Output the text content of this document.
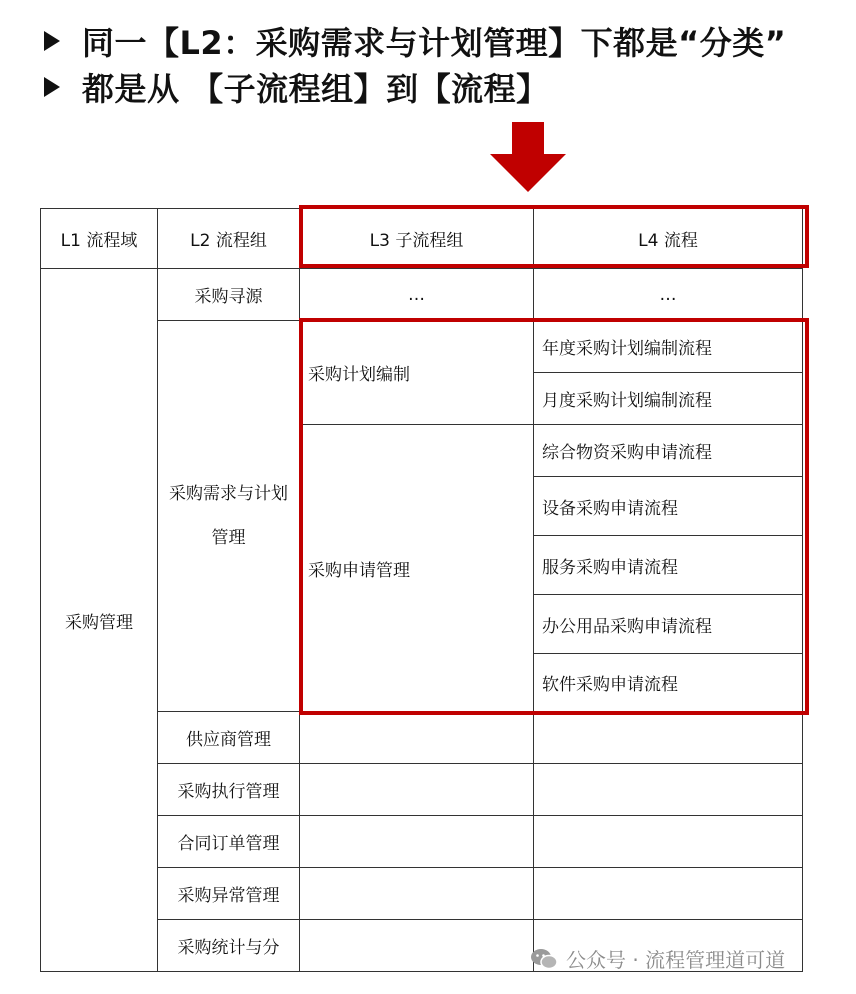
同一【L2：采购需求与计划管理】下都是“分类”
都是从 【子流程组】到【流程】
L1 流程域	L2 流程组	L3 子流程组	L4 流程
采购管理	采购寻源	…	…
	采购需求与计划管理	采购计划编制	年度采购计划编制流程
			月度采购计划编制流程
		采购申请管理	综合物资采购申请流程
			设备采购申请流程
			服务采购申请流程
			办公用品采购申请流程
			软件采购申请流程
	供应商管理		
	采购执行管理		
	合同订单管理		
	采购异常管理		
	采购统计与分			公众号 · 流程管理道可道
